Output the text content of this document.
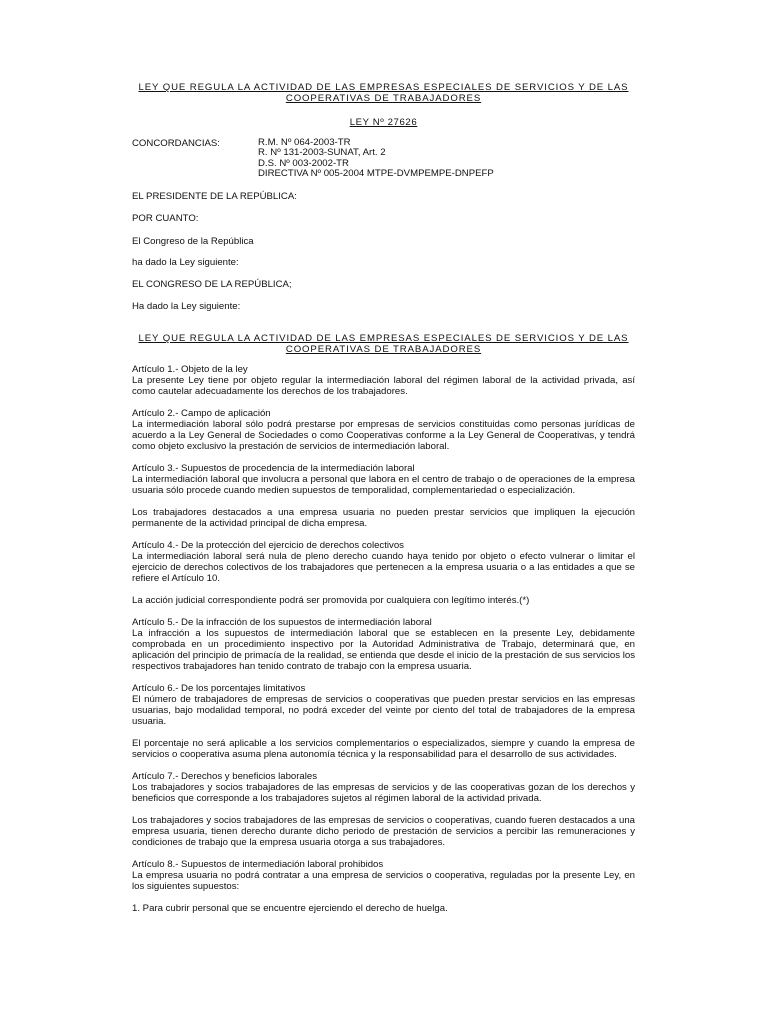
LEY QUE REGULA LA ACTIVIDAD DE LAS EMPRESAS ESPECIALES DE SERVICIOS Y DE LAS COOPERATIVAS DE TRABAJADORES
LEY Nº 27626
CONCORDANCIAS:	R.M. Nº 064-2003-TR
R. Nº 131-2003-SUNAT, Art. 2
D.S. Nº 003-2002-TR
DIRECTIVA Nº 005-2004 MTPE-DVMPEMPE-DNPEFP
EL PRESIDENTE DE LA REPÚBLICA:
POR CUANTO:
El Congreso de la República
ha dado la Ley siguiente:
EL CONGRESO DE LA REPÚBLICA;
Ha dado la Ley siguiente:
LEY QUE REGULA LA ACTIVIDAD DE LAS EMPRESAS ESPECIALES DE SERVICIOS Y DE LAS COOPERATIVAS DE TRABAJADORES

Artículo 1.- Objeto de la ley

La presente Ley tiene por objeto regular la intermediación laboral del régimen laboral de la actividad privada, así como cautelar adecuadamente los derechos de los trabajadores.

Artículo 2.- Campo de aplicación

La intermediación laboral sólo podrá prestarse por empresas de servicios constituidas como personas jurídicas de acuerdo a la Ley General de Sociedades o como Cooperativas conforme a la Ley General de Cooperativas, y tendrá como objeto exclusivo la prestación de servicios de intermediación laboral.

Artículo 3.- Supuestos de procedencia de la intermediación laboral

La intermediación laboral que involucra a personal que labora en el centro de trabajo o de operaciones de la empresa usuaria sólo procede cuando medien supuestos de temporalidad, complementariedad o especialización.

Los trabajadores destacados a una empresa usuaria no pueden prestar servicios que impliquen la ejecución permanente de la actividad principal de dicha empresa.

Artículo 4.- De la protección del ejercicio de derechos colectivos

La intermediación laboral será nula de pleno derecho cuando haya tenido por objeto o efecto vulnerar o limitar el ejercicio de derechos colectivos de los trabajadores que pertenecen a la empresa usuaria o a las entidades a que se refiere el Artículo 10.

La acción judicial correspondiente podrá ser promovida por cualquiera con legítimo interés.(*)

Artículo 5.- De la infracción de los supuestos de intermediación laboral

La infracción a los supuestos de intermediación laboral que se establecen en la presente Ley, debidamente comprobada en un procedimiento inspectivo por la Autoridad Administrativa de Trabajo, determinará que, en aplicación del principio de primacía de la realidad, se entienda que desde el inicio de la prestación de sus servicios los respectivos trabajadores han tenido contrato de trabajo con la empresa usuaria.

Artículo 6.- De los porcentajes limitativos

El número de trabajadores de empresas de servicios o cooperativas que pueden prestar servicios en las empresas usuarias, bajo modalidad temporal, no podrá exceder del veinte por ciento del total de trabajadores de la empresa usuaria.

El porcentaje no será aplicable a los servicios complementarios o especializados, siempre y cuando la empresa de servicios o cooperativa asuma plena autonomía técnica y la responsabilidad para el desarrollo de sus actividades.

Artículo 7.- Derechos y beneficios laborales

Los trabajadores y socios trabajadores de las empresas de servicios y de las cooperativas gozan de los derechos y beneficios que corresponde a los trabajadores sujetos al régimen laboral de la actividad privada.

Los trabajadores y socios trabajadores de las empresas de servicios o cooperativas, cuando fueren destacados a una empresa usuaria, tienen derecho durante dicho periodo de prestación de servicios a percibir las remuneraciones y condiciones de trabajo que la empresa usuaria otorga a sus trabajadores.

Artículo 8.- Supuestos de intermediación laboral prohibidos

La empresa usuaria no podrá contratar a una empresa de servicios o cooperativa, reguladas por la presente Ley, en los siguientes supuestos:

1. Para cubrir personal que se encuentre ejerciendo el derecho de huelga.
